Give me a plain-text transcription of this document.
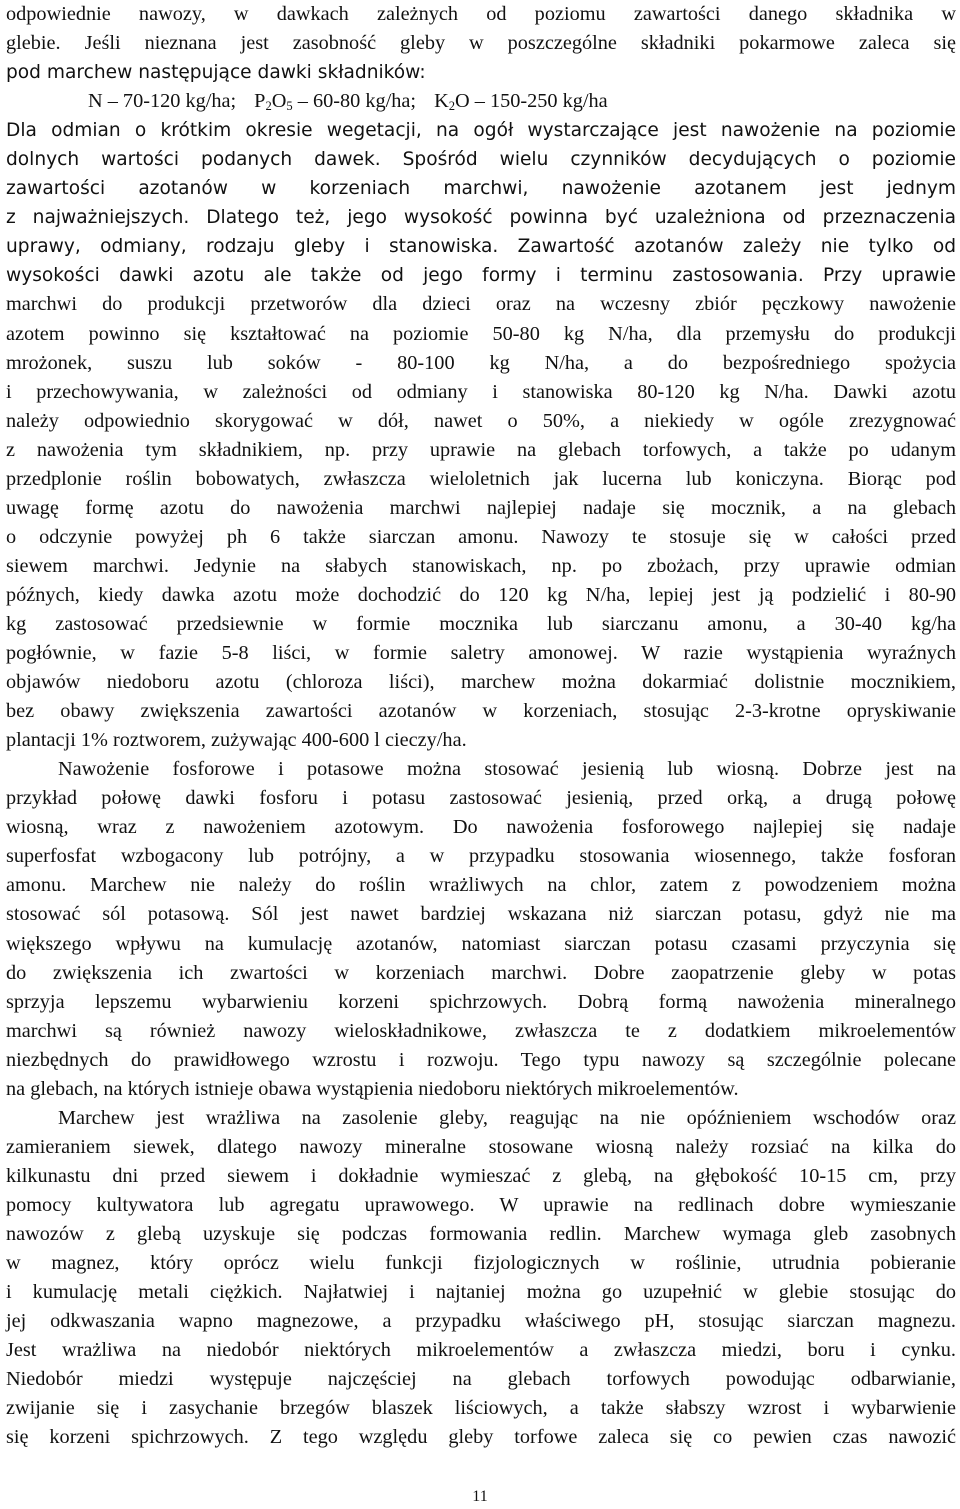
odpowiednie nawozy, w dawkach zależnych od poziomu zawartości danego składnika w
glebie. Jeśli nieznana jest zasobność gleby w poszczególne składniki pokarmowe zaleca się
pod marchew następujące dawki składników:
N – 70-120 kg/ha; $P_2O_5 - 60-80$ kg/ha; $K_2O - 150-250$ kg/ha
Dla odmian o krótkim okresie wegetacji, na ogół wystarczające jest nawożenie na poziomie
dolnych wartości podanych dawek. Spośród wielu czynników decydujących o poziomie
zawartości azotanów w korzeniach marchwi, nawożenie azotanem jest jednym
z najważniejszych. Dlatego też, jego wysokość powinna być uzależniona od przeznaczenia
uprawy, odmiany, rodzaju gleby i stanowiska. Zawartość azotanów zależy nie tylko od
wysokości dawki azotu ale także od jego formy i terminu zastosowania. Przy uprawie
marchwi do produkcji przetworów dla dzieci oraz na wczesny zbiór pęczkowy nawożenie
azotem powinno się kształtować na poziomie 50-80 kg N/ha, dla przemysłu do produkcji
mrożonek, suszu lub soków - 80-100 kg N/ha, a do bezpośredniego spożycia
i przechowywania, w zależności od odmiany i stanowiska 80-120 kg N/ha. Dawki azotu
należy odpowiednio skorygować w dół, nawet o 50%, a niekiedy w ogóle zrezygnować
z nawożenia tym składnikiem, np. przy uprawie na glebach torfowych, a także po udanym
przedplonie roślin bobowatych, zwłaszcza wieloletnich jak lucerna lub koniczyna. Biorąc pod
uwagę formę azotu do nawożenia marchwi najlepiej nadaje się mocznik, a na glebach
o odczynie powyżej ph 6 także siarczan amonu. Nawozy te stosuje się w całości przed
siewem marchwi. Jedynie na słabych stanowiskach, np. po zbożach, przy uprawie odmian
późnych, kiedy dawka azotu może dochodzić do 120 kg N/ha, lepiej jest ją podzielić i 80-90
kg zastosować przedsiewnie w formie mocznika lub siarczanu amonu, a 30-40 kg/ha
pogłównie, w fazie 5-8 liści, w formie saletry amonowej. W razie wystąpienia wyraźnych
objawów niedoboru azotu (chloroza liści), marchew można dokarmiać dolistnie mocznikiem,
bez obawy zwiększenia zawartości azotanów w korzeniach, stosując 2-3-krotne opryskiwanie
plantacji 1% roztworem, zużywając 400-600 l cieczy/ha.
Nawożenie fosforowe i potasowe można stosować jesienią lub wiosną. Dobrze jest na
przykład połowę dawki fosforu i potasu zastosować jesienią, przed orką, a drugą połowę
wiosną, wraz z nawożeniem azotowym. Do nawożenia fosforowego najlepiej się nadaje
superfosfat wzbogacony lub potrójny, a w przypadku stosowania wiosennego, także fosforan
amonu. Marchew nie należy do roślin wrażliwych na chlor, zatem z powodzeniem można
stosować sól potasową. Sól jest nawet bardziej wskazana niż siarczan potasu, gdyż nie ma
większego wpływu na kumulację azotanów, natomiast siarczan potasu czasami przyczynia się
do zwiększenia ich zwartości w korzeniach marchwi. Dobre zaopatrzenie gleby w potas
sprzyja lepszemu wybarwieniu korzeni spichrzowych. Dobrą formą nawożenia mineralnego
marchwi są również nawozy wieloskładnikowe, zwłaszcza te z dodatkiem mikroelementów
niezbędnych do prawidłowego wzrostu i rozwoju. Tego typu nawozy są szczególnie polecane
na glebach, na których istnieje obawa wystąpienia niedoboru niektórych mikroelementów.
Marchew jest wrażliwa na zasolenie gleby, reagując na nie opóźnieniem wschodów oraz
zamieraniem siewek, dlatego nawozy mineralne stosowane wiosną należy rozsiać na kilka do
kilkunastu dni przed siewem i dokładnie wymieszać z glebą, na głębokość 10-15 cm, przy
pomocy kultywatora lub agregatu uprawowego. W uprawie na redlinach dobre wymieszanie
nawozów z glebą uzyskuje się podczas formowania redlin. Marchew wymaga gleb zasobnych
w magnez, który oprócz wielu funkcji fizjologicznych w roślinie, utrudnia pobieranie
i kumulację metali ciężkich. Najłatwiej i najtaniej można go uzupełnić w glebie stosując do
jej odkwaszania wapno magnezowe, a przypadku właściwego pH, stosując siarczan magnezu.
Jest wrażliwa na niedobór niektórych mikroelementów a zwłaszcza miedzi, boru i cynku.
Niedobór miedzi występuje najczęściej na glebach torfowych powodując odbarwianie,
zwijanie się i zasychanie brzegów blaszek liściowych, a także słabszy wzrost i wybarwienie
się korzeni spichrzowych. Z tego względu gleby torfowe zaleca się co pewien czas nawozić
11
